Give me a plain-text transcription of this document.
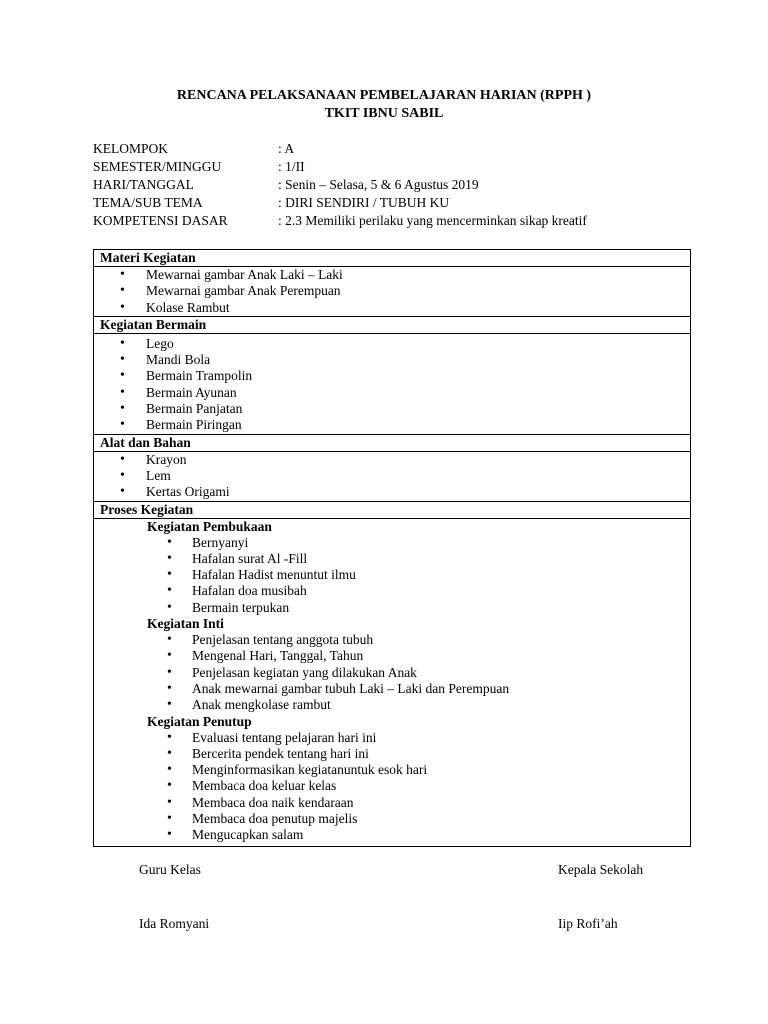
RENCANA PELAKSANAAN PEMBELAJARAN HARIAN (RPPH )
TKIT IBNU SABIL
KELOMPOK	: A
SEMESTER/MINGGU	: 1/II
HARI/TANGGAL	: Senin – Selasa, 5 & 6 Agustus 2019
TEMA/SUB TEMA	: DIRI SENDIRI / TUBUH KU
KOMPETENSI DASAR	: 2.3 Memiliki perilaku yang mencerminkan sikap kreatif
Materi Kegiatan
• Mewarnai gambar Anak Laki – Laki
• Mewarnai gambar Anak Perempuan
• Kolase Rambut
Kegiatan Bermain
• Lego
• Mandi Bola
• Bermain Trampolin
• Bermain Ayunan
• Bermain Panjatan
• Bermain Piringan
Alat dan Bahan
• Krayon
• Lem
• Kertas Origami
Proses Kegiatan
Kegiatan Pembukaan
• Bernyanyi
• Hafalan surat Al -Fill
• Hafalan Hadist menuntut ilmu
• Hafalan doa musibah
• Bermain terpukan
Kegiatan Inti
• Penjelasan tentang anggota tubuh
• Mengenal Hari, Tanggal, Tahun
• Penjelasan kegiatan yang dilakukan Anak
• Anak mewarnai gambar tubuh Laki – Laki dan Perempuan
• Anak mengkolase rambut
Kegiatan Penutup
• Evaluasi tentang pelajaran hari ini
• Bercerita pendek tentang hari ini
• Menginformasikan kegiatanuntuk esok hari
• Membaca doa keluar kelas
• Membaca doa naik kendaraan
• Membaca doa penutup majelis
• Mengucapkan salam
Guru Kelas	Kepala Sekolah
Ida Romyani	Iip Rofi’ah
